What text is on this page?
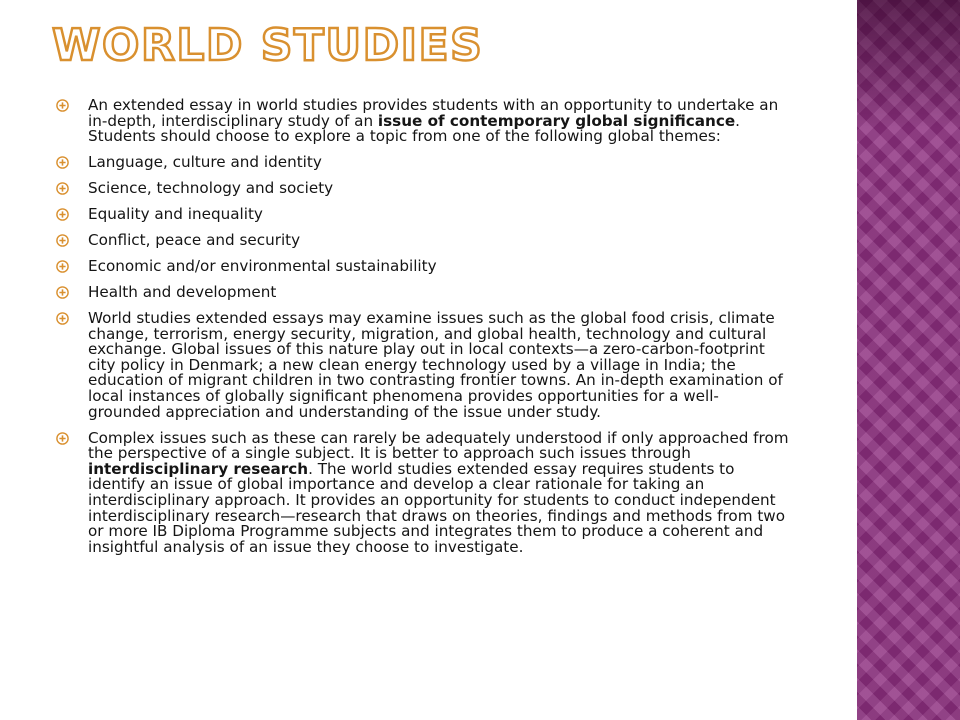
WORLD STUDIES
An extended essay in world studies provides students with an opportunity to undertake an in-depth, interdisciplinary study of an issue of contemporary global significance. Students should choose to explore a topic from one of the following global themes:
Language, culture and identity
Science, technology and society
Equality and inequality
Conflict, peace and security
Economic and/or environmental sustainability
Health and development
World studies extended essays may examine issues such as the global food crisis, climate change, terrorism, energy security, migration, and global health, technology and cultural exchange. Global issues of this nature play out in local contexts—a zero-carbon-footprint city policy in Denmark; a new clean energy technology used by a village in India; the education of migrant children in two contrasting frontier towns. An in-depth examination of local instances of globally significant phenomena provides opportunities for a well-grounded appreciation and understanding of the issue under study.
Complex issues such as these can rarely be adequately understood if only approached from the perspective of a single subject. It is better to approach such issues through interdisciplinary research. The world studies extended essay requires students to identify an issue of global importance and develop a clear rationale for taking an interdisciplinary approach. It provides an opportunity for students to conduct independent interdisciplinary research—research that draws on theories, findings and methods from two or more IB Diploma Programme subjects and integrates them to produce a coherent and insightful analysis of an issue they choose to investigate.
